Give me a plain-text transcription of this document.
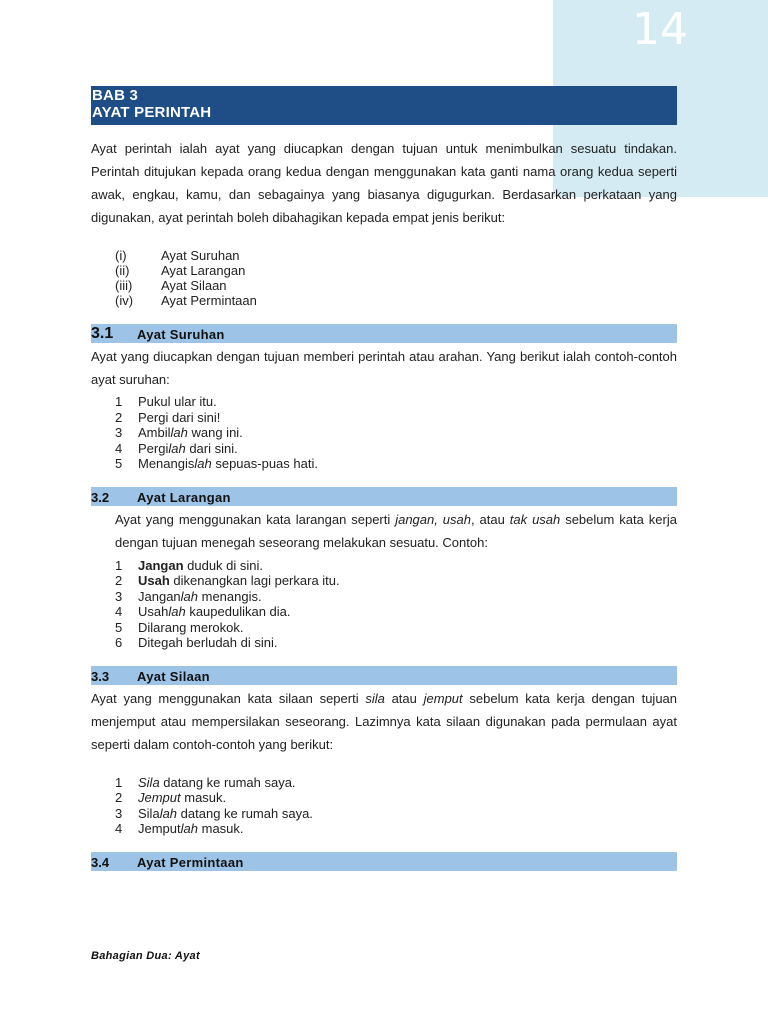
14
BAB 3
AYAT PERINTAH

Ayat perintah ialah ayat yang diucapkan dengan tujuan untuk menimbulkan sesuatu tindakan. Perintah ditujukan kepada orang kedua dengan menggunakan kata ganti nama orang kedua seperti awak, engkau, kamu, dan sebagainya yang biasanya digugurkan. Berdasarkan perkataan yang digunakan, ayat perintah boleh dibahagikan kepada empat jenis berikut:

(i)	Ayat Suruhan
(ii)	Ayat Larangan
(iii)	Ayat Silaan
(iv)	Ayat Permintaan
3.1	Ayat Suruhan

Ayat yang diucapkan dengan tujuan memberi perintah atau arahan. Yang berikut ialah contoh-contoh ayat suruhan:

1	Pukul ular itu.
2	Pergi dari sini!
3	Ambillah wang ini.
4	Pergilah dari sini.
5	Menangislah sepuas-puas hati.
3.2	Ayat Larangan

Ayat yang menggunakan kata larangan seperti jangan, usah, atau tak usah sebelum kata kerja dengan tujuan menegah seseorang melakukan sesuatu. Contoh:

1	Jangan duduk di sini.
2	Usah dikenangkan lagi perkara itu.
3	Janganlah menangis.
4	Usahlah kaupedulikan dia.
5	Dilarang merokok.
6	Ditegah berludah di sini.
3.3	Ayat Silaan

Ayat yang menggunakan kata silaan seperti sila atau jemput sebelum kata kerja dengan tujuan menjemput atau mempersilakan seseorang. Lazimnya kata silaan digunakan pada permulaan ayat seperti dalam contoh-contoh yang berikut:

1	Sila datang ke rumah saya.
2	Jemput masuk.
3	Silalah datang ke rumah saya.
4	Jemputlah masuk.
3.4	Ayat Permintaan
Bahagian Dua: Ayat
